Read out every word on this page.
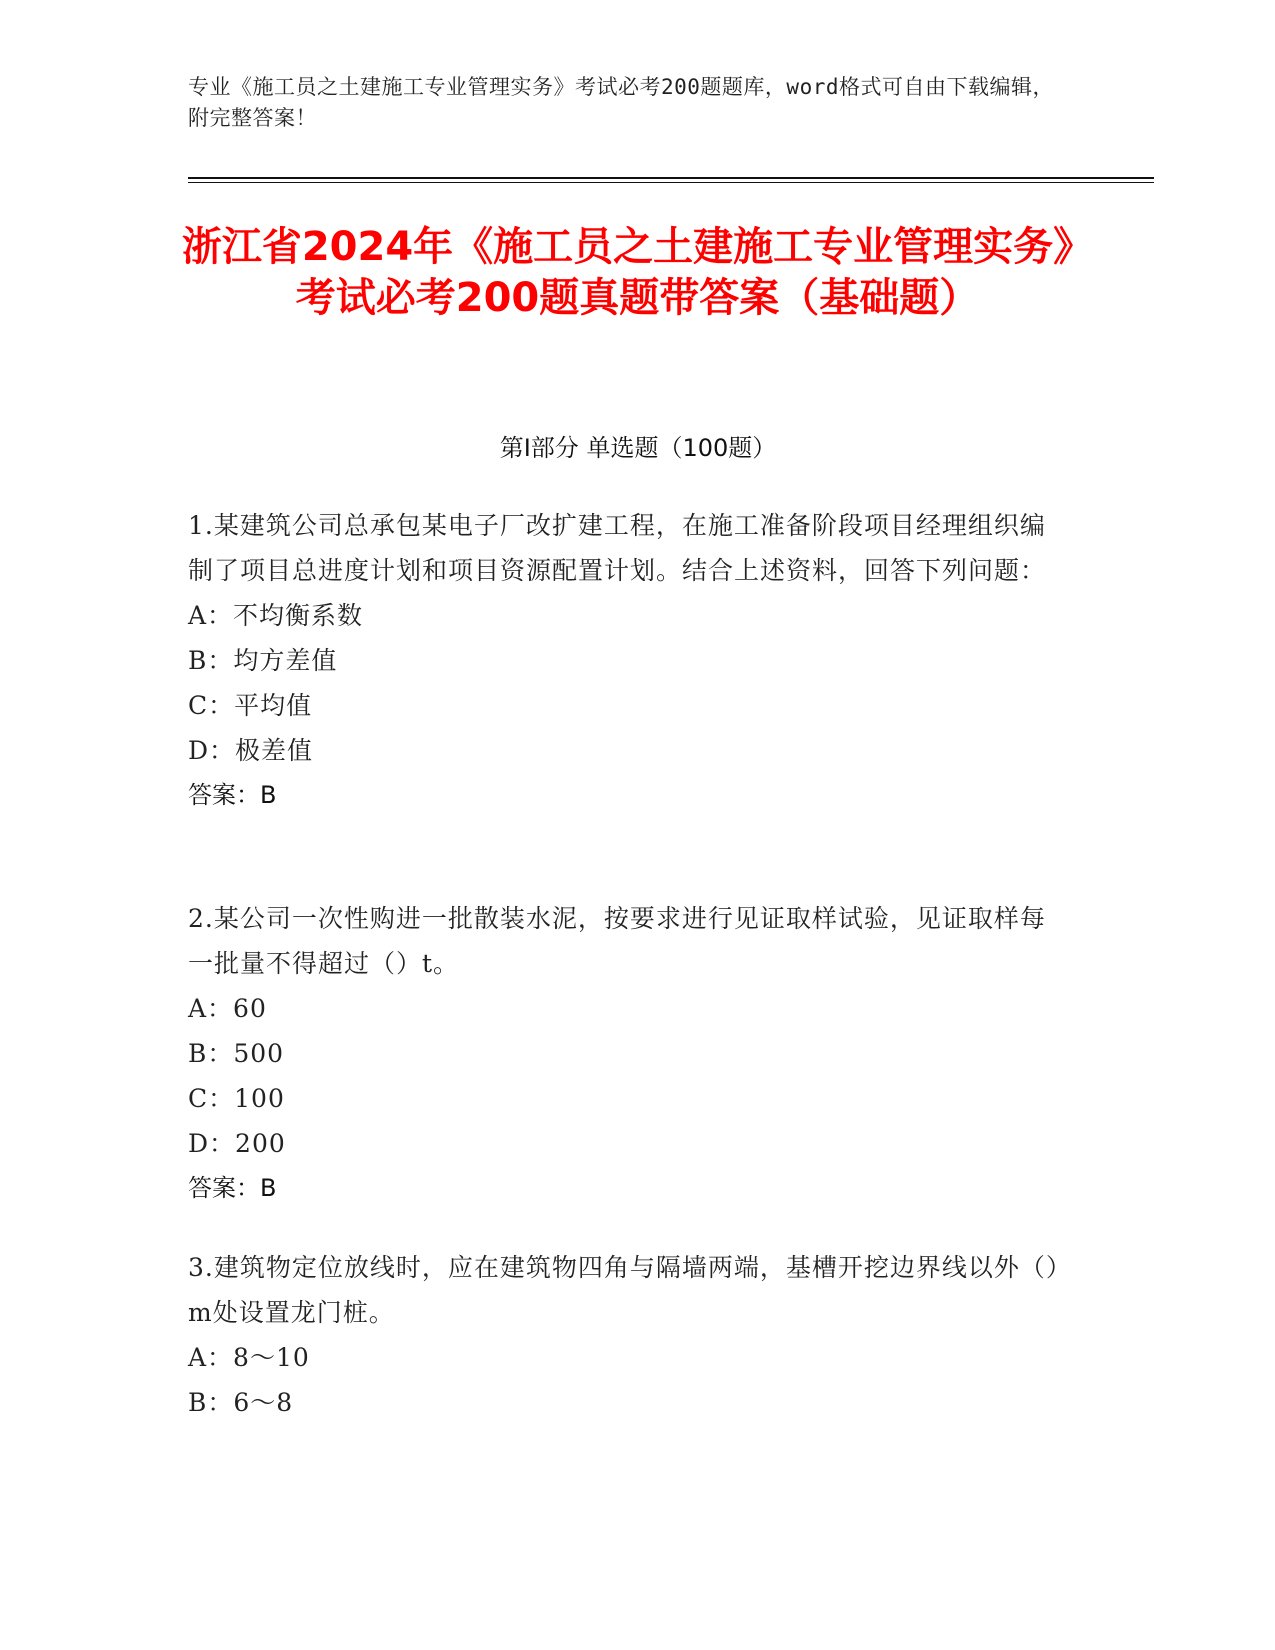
专业《施工员之土建施工专业管理实务》考试必考200题题库，word格式可自由下载编辑，附完整答案！
浙江省2024年《施工员之土建施工专业管理实务》考试必考200题真题带答案（基础题）
第Ⅰ部分 单选题（100题）
1.某建筑公司总承包某电子厂改扩建工程，在施工准备阶段项目经理组织编制了项目总进度计划和项目资源配置计划。结合上述资料，回答下列问题：
A：不均衡系数
B：均方差值
C：平均值
D：极差值
答案：B
2.某公司一次性购进一批散装水泥，按要求进行见证取样试验，见证取样每一批量不得超过（）t。
A：60
B：500
C：100
D：200
答案：B
3.建筑物定位放线时，应在建筑物四角与隔墙两端，基槽开挖边界线以外（）m处设置龙门桩。
A：8～10
B：6～8
